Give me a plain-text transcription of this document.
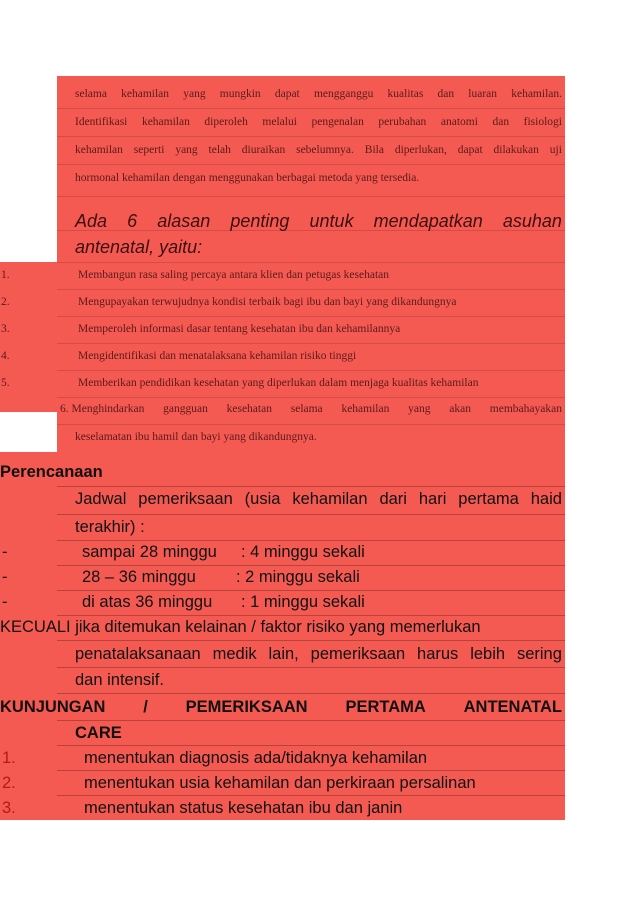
selama kehamilan yang mungkin dapat mengganggu kualitas dan luaran kehamilan.
Identifikasi kehamilan diperoleh melalui pengenalan perubahan anatomi dan fisiologi
kehamilan seperti yang telah diuraikan sebelumnya. Bila diperlukan, dapat dilakukan uji
hormonal kehamilan dengan menggunakan berbagai metoda yang tersedia.
Ada 6 alasan penting untuk mendapatkan asuhan
antenatal, yaitu:
1.	Membangun rasa saling percaya antara klien dan petugas kesehatan
2.	Mengupayakan terwujudnya kondisi terbaik bagi ibu dan bayi yang dikandungnya
3.	Memperoleh informasi dasar tentang kesehatan ibu dan kehamilannya
4.	Mengidentifikasi dan menatalaksana kehamilan risiko tinggi
5.	Memberikan pendidikan kesehatan yang diperlukan dalam menjaga kualitas kehamilan
6. Menghindarkan gangguan kesehatan selama kehamilan yang akan membahayakan
keselamatan ibu hamil dan bayi yang dikandungnya.
Perencanaan
Jadwal pemeriksaan (usia kehamilan dari hari pertama haid
terakhir) :
-	sampai 28 minggu : 4 minggu sekali
-	28 – 36 minggu : 2 minggu sekali
-	di atas 36 minggu : 1 minggu sekali
KECUALI jika ditemukan kelainan / faktor risiko yang memerlukan
penatalaksanaan medik lain, pemeriksaan harus lebih sering
dan intensif.
KUNJUNGAN / PEMERIKSAAN PERTAMA ANTENATAL
CARE
1.	menentukan diagnosis ada/tidaknya kehamilan
2.	menentukan usia kehamilan dan perkiraan persalinan
3.	menentukan status kesehatan ibu dan janin
